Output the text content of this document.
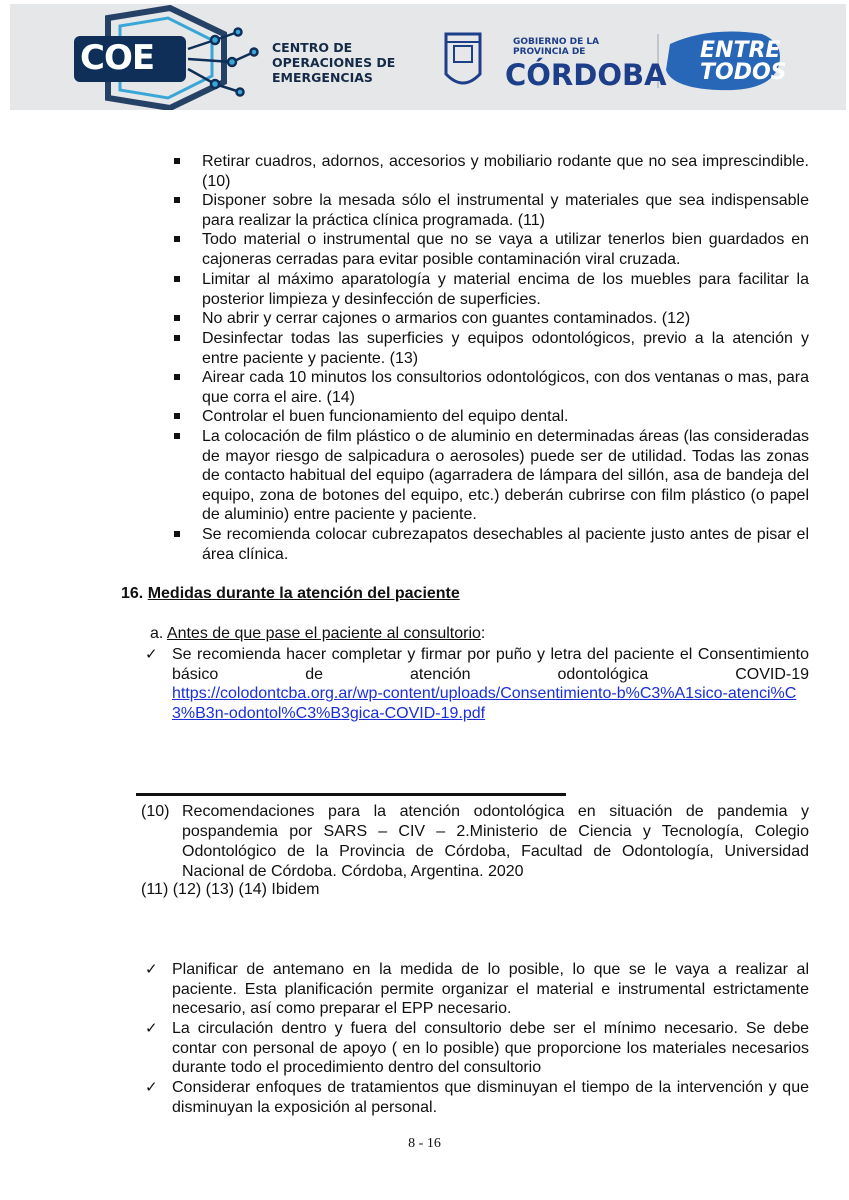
COE	CENTRO DE
OPERACIONES DE
EMERGENCIAS
GOBIERNO DE LA
PROVINCIA DE
CÓRDOBA
ENTRE
TODOS
Retirar cuadros, adornos, accesorios y mobiliario rodante que no sea imprescindible. (10)
Disponer sobre la mesada sólo el instrumental y materiales que sea indispensable para realizar la práctica clínica programada. (11)
Todo material o instrumental que no se vaya a utilizar tenerlos bien guardados en cajoneras cerradas para evitar posible contaminación viral cruzada.
Limitar al máximo aparatología y material encima de los muebles para facilitar la posterior limpieza y desinfección de superficies.
No abrir y cerrar cajones o armarios con guantes contaminados. (12)
Desinfectar todas las superficies y equipos odontológicos, previo a la atención y entre paciente y paciente. (13)
Airear cada 10 minutos los consultorios odontológicos, con dos ventanas o mas, para que corra el aire. (14)
Controlar el buen funcionamiento del equipo dental.
La colocación de film plástico o de aluminio en determinadas áreas (las consideradas de mayor riesgo de salpicadura o aerosoles) puede ser de utilidad. Todas las zonas de contacto habitual del equipo (agarradera de lámpara del sillón, asa de bandeja del equipo, zona de botones del equipo, etc.) deberán cubrirse con film plástico (o papel de aluminio) entre paciente y paciente.
Se recomienda colocar cubrezapatos desechables al paciente justo antes de pisar el área clínica.
16. Medidas durante la atención del paciente
a. Antes de que pase el paciente al consultorio:
✓ Se recomienda hacer completar y firmar por puño y letra del paciente el Consentimiento básico de atención odontológica COVID-19
https://colodontcba.org.ar/wp-content/uploads/Consentimiento-b%C3%A1sico-atenci%C3%B3n-odontol%C3%B3gica-COVID-19.pdf
(10) Recomendaciones para la atención odontológica en situación de pandemia y pospandemia por SARS – CIV – 2.Ministerio de Ciencia y Tecnología, Colegio Odontológico de la Provincia de Córdoba, Facultad de Odontología, Universidad Nacional de Córdoba. Córdoba, Argentina. 2020
(11) (12) (13) (14) Ibidem
✓ Planificar de antemano en la medida de lo posible, lo que se le vaya a realizar al paciente. Esta planificación permite organizar el material e instrumental estrictamente necesario, así como preparar el EPP necesario.
✓ La circulación dentro y fuera del consultorio debe ser el mínimo necesario. Se debe contar con personal de apoyo ( en lo posible) que proporcione los materiales necesarios durante todo el procedimiento dentro del consultorio
✓ Considerar enfoques de tratamientos que disminuyan el tiempo de la intervención y que disminuyan la exposición al personal.
8 - 16
